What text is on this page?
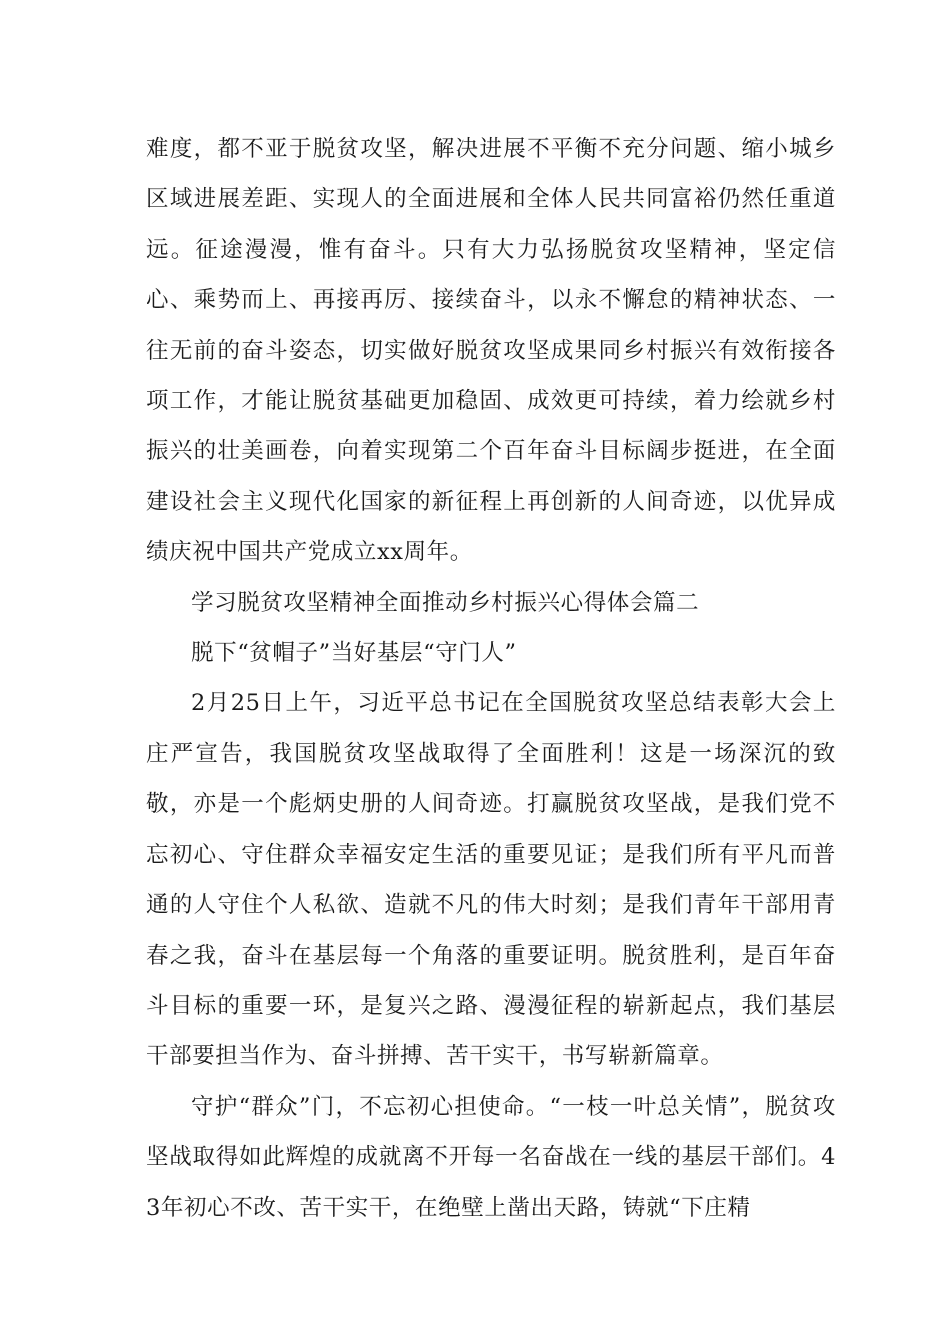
难度，都不亚于脱贫攻坚，解决进展不平衡不充分问题、缩小城乡区域进展差距、实现人的全面进展和全体人民共同富裕仍然任重道远。征途漫漫，惟有奋斗。只有大力弘扬脱贫攻坚精神，坚定信心、乘势而上、再接再厉、接续奋斗，以永不懈怠的精神状态、一往无前的奋斗姿态，切实做好脱贫攻坚成果同乡村振兴有效衔接各项工作，才能让脱贫基础更加稳固、成效更可持续，着力绘就乡村振兴的壮美画卷，向着实现第二个百年奋斗目标阔步挺进，在全面建设社会主义现代化国家的新征程上再创新的人间奇迹，以优异成绩庆祝中国共产党成立xx周年。

学习脱贫攻坚精神全面推动乡村振兴心得体会篇二

脱下“贫帽子”当好基层“守门人”

2月25日上午，习近平总书记在全国脱贫攻坚总结表彰大会上庄严宣告，我国脱贫攻坚战取得了全面胜利！这是一场深沉的致敬，亦是一个彪炳史册的人间奇迹。打赢脱贫攻坚战，是我们党不忘初心、守住群众幸福安定生活的重要见证；是我们所有平凡而普通的人守住个人私欲、造就不凡的伟大时刻；是我们青年干部用青春之我，奋斗在基层每一个角落的重要证明。脱贫胜利，是百年奋斗目标的重要一环，是复兴之路、漫漫征程的崭新起点，我们基层干部要担当作为、奋斗拼搏、苦干实干，书写崭新篇章。

守护“群众”门，不忘初心担使命。“一枝一叶总关情”，脱贫攻坚战取得如此辉煌的成就离不开每一名奋战在一线的基层干部们。43年初心不改、苦干实干，在绝壁上凿出天路，铸就“下庄精
